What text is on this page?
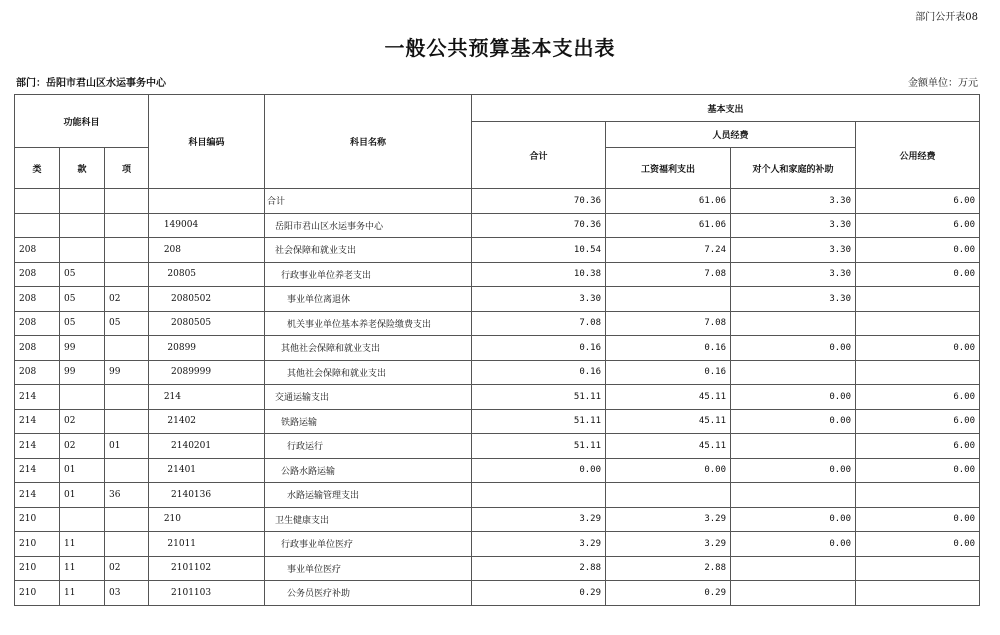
部门公开表08
一般公共预算基本支出表
部门：岳阳市君山区水运事务中心	金额单位：万元
功能科目			科目编码	科目名称	基本支出			
					合计	人员经费		公用经费
类	款	项				工资福利支出	对个人和家庭的补助	
				合计	70.36	61.06	3.30	6.00
			149004	岳阳市君山区水运事务中心	70.36	61.06	3.30	6.00
208			208	社会保障和就业支出	10.54	7.24	3.30	0.00
208	05		20805	行政事业单位养老支出	10.38	7.08	3.30	0.00
208	05	02	2080502	事业单位离退休	3.30		3.30	
208	05	05	2080505	机关事业单位基本养老保险缴费支出	7.08	7.08		
208	99		20899	其他社会保障和就业支出	0.16	0.16	0.00	0.00
208	99	99	2089999	其他社会保障和就业支出	0.16	0.16		
214			214	交通运输支出	51.11	45.11	0.00	6.00
214	02		21402	铁路运输	51.11	45.11	0.00	6.00
214	02	01	2140201	行政运行	51.11	45.11		6.00
214	01		21401	公路水路运输	0.00	0.00	0.00	0.00
214	01	36	2140136	水路运输管理支出				
210			210	卫生健康支出	3.29	3.29	0.00	0.00
210	11		21011	行政事业单位医疗	3.29	3.29	0.00	0.00
210	11	02	2101102	事业单位医疗	2.88	2.88		
210	11	03	2101103	公务员医疗补助	0.29	0.29		
